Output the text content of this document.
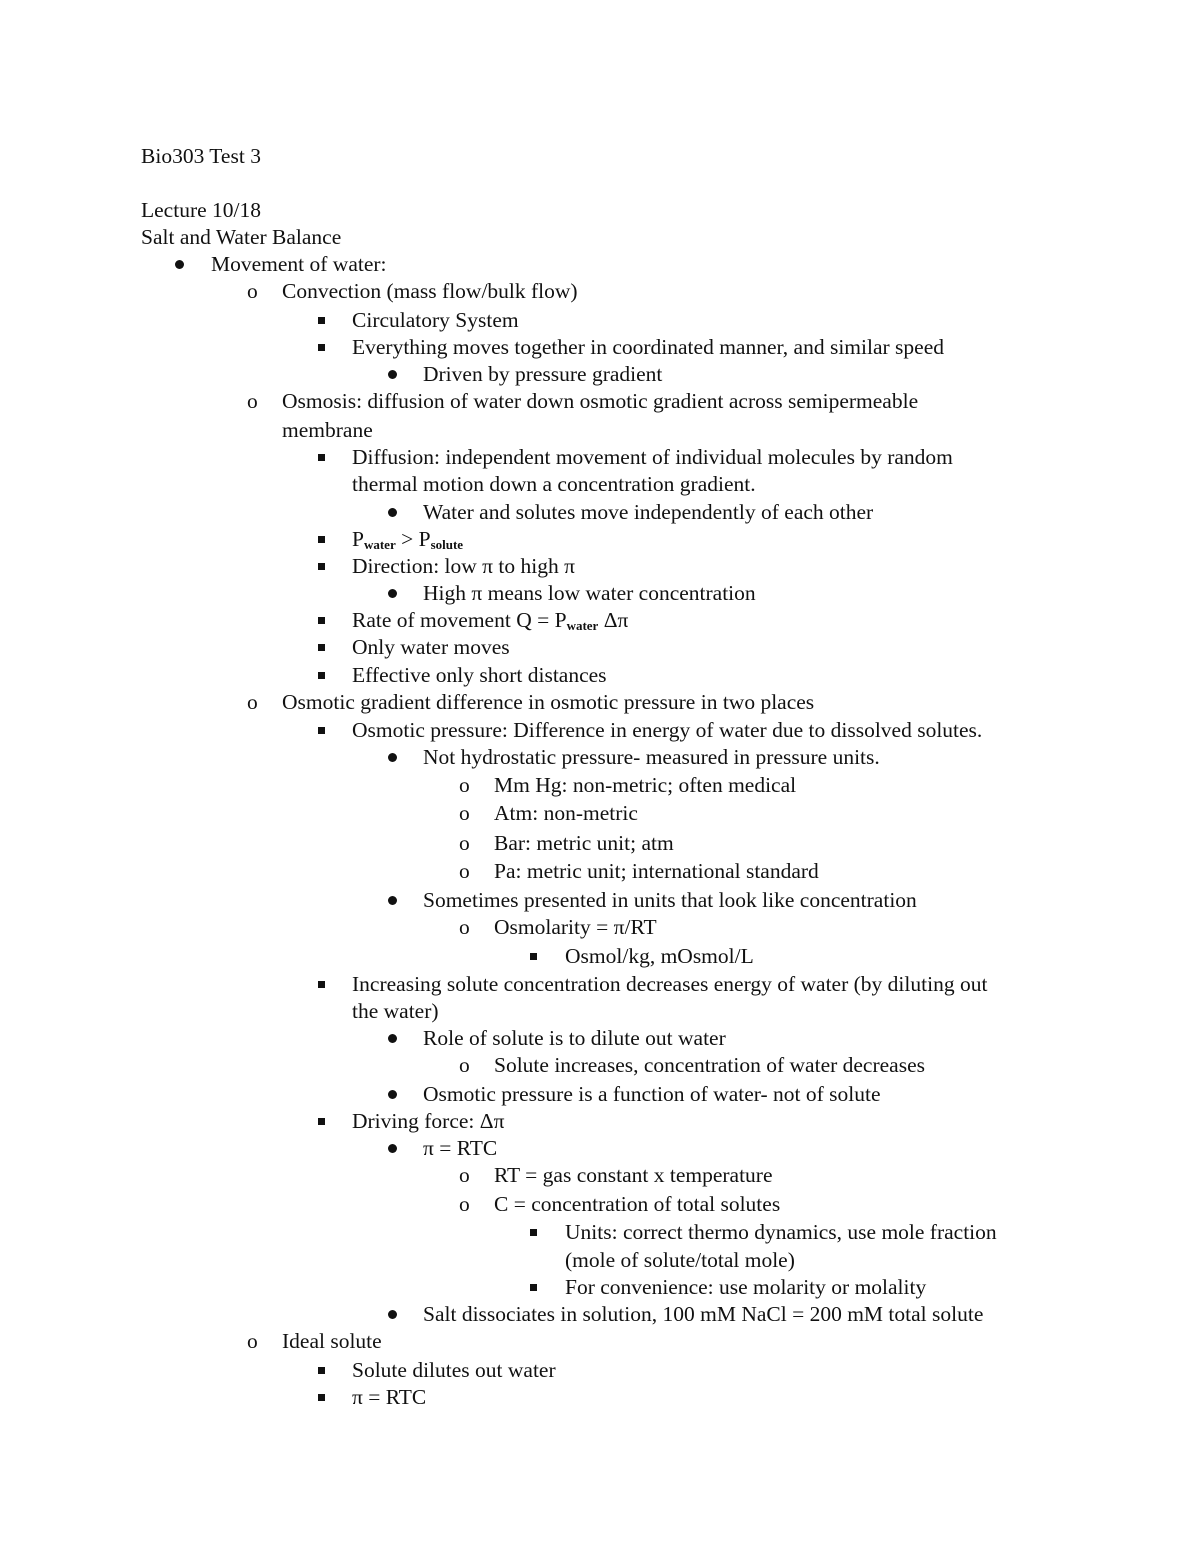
Bio303 Test 3
Lecture 10/18
Salt and Water Balance
Movement of water:
o Convection (mass flow/bulk flow)
Circulatory System
Everything moves together in coordinated manner, and similar speed
Driven by pressure gradient
o Osmosis: diffusion of water down osmotic gradient across semipermeable
membrane
Diffusion: independent movement of individual molecules by random
thermal motion down a concentration gradient.
Water and solutes move independently of each other
$P_{water} > P_{solute}$
Direction: low π to high π
High π means low water concentration
Rate of movement $Q = P_{water}$ Δπ
Only water moves
Effective only short distances
o Osmotic gradient difference in osmotic pressure in two places
Osmotic pressure: Difference in energy of water due to dissolved solutes.
Not hydrostatic pressure- measured in pressure units.
o Mm Hg: non-metric; often medical
o Atm: non-metric
o Bar: metric unit; atm
o Pa: metric unit; international standard
Sometimes presented in units that look like concentration
o Osmolarity = π/RT
Osmol/kg, mOsmol/L
Increasing solute concentration decreases energy of water (by diluting out
the water)
Role of solute is to dilute out water
o Solute increases, concentration of water decreases
Osmotic pressure is a function of water- not of solute
Driving force: Δπ
π = RTC
o RT = gas constant x temperature
o C = concentration of total solutes
Units: correct thermo dynamics, use mole fraction
(mole of solute/total mole)
For convenience: use molarity or molality
Salt dissociates in solution, 100 mM NaCl = 200 mM total solute
o Ideal solute
Solute dilutes out water
π = RTC
